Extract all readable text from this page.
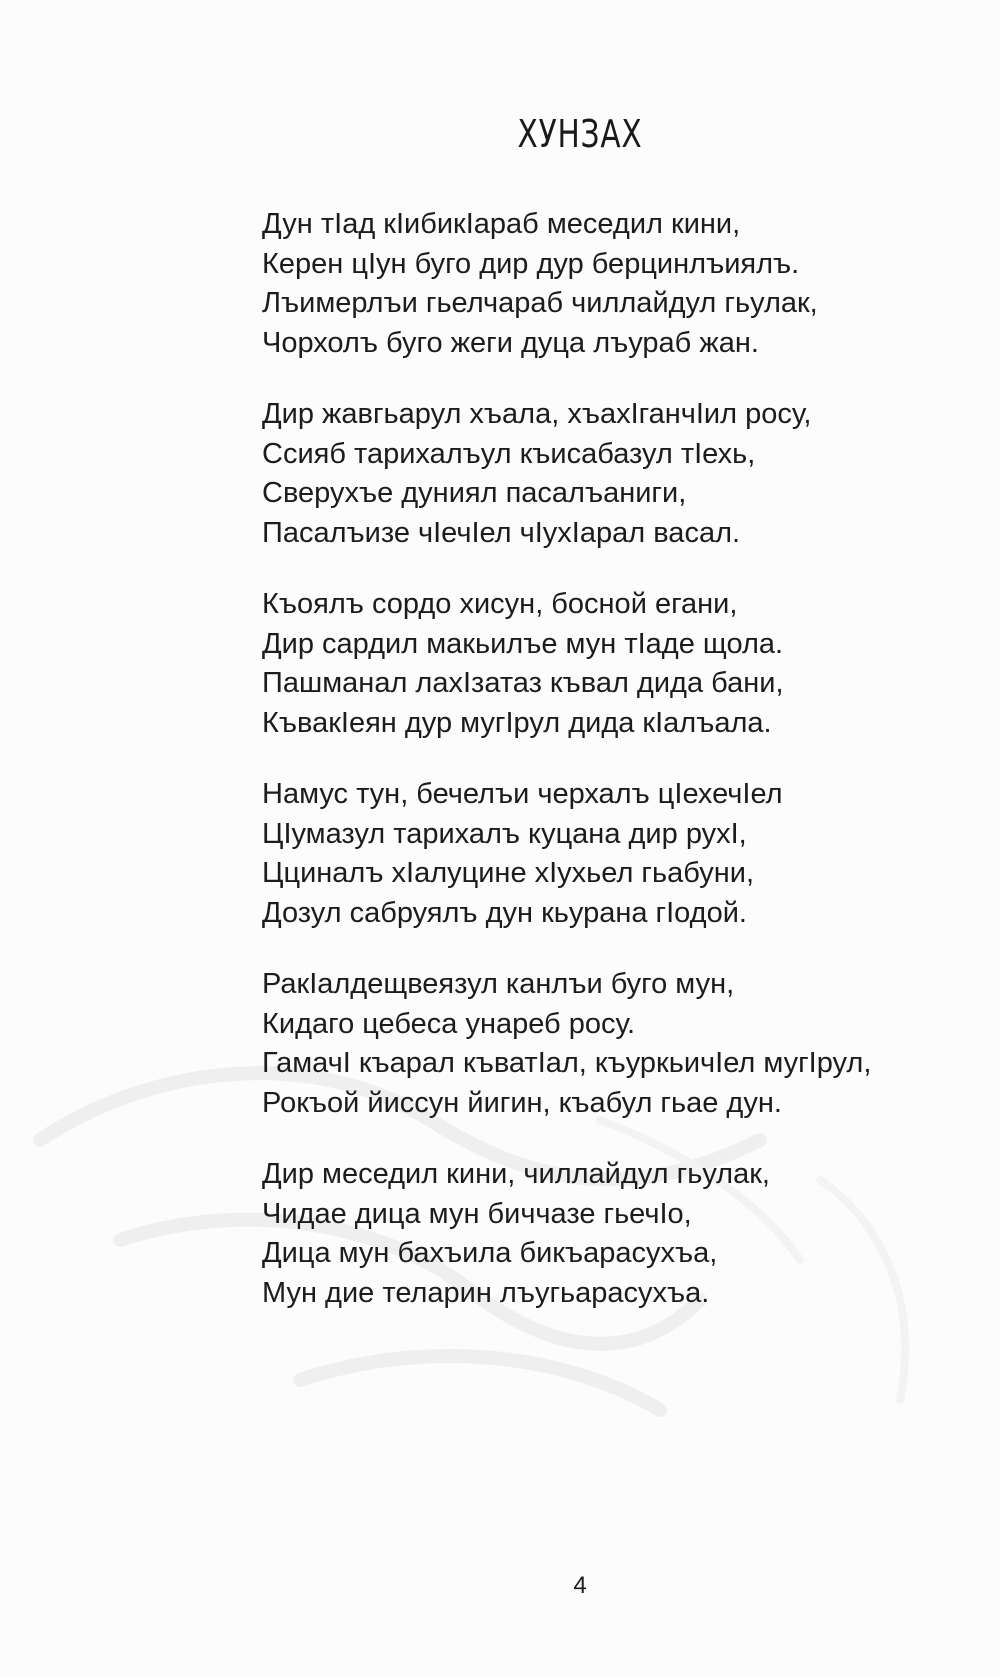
ХУНЗАХ
Дун тӀад кӀибикӀараб меседил кини,
Керен цӀун буго дир дур берцинлъиялъ.
Лъимерлъи гьелчараб чиллайдул гьулак,
Чорхолъ буго жеги дуца лъураб жан.
Дир жавгьарул хъала, хъахӀганчӀил росу,
Ссияб тарихалъул къисабазул тӀехь,
Сверухъе дуниял пасалъаниги,
Пасалъизе чӀечӀел чӀухӀарал васал.
Къоялъ сордо хисун, босной егани,
Дир сардил макьилъе мун тӀаде щола.
Пашманал лахӀзатаз къвал дида бани,
КъвакӀеян дур мугӀрул дида кӀалъала.
Намус тун, бечелъи черхалъ цӀехечӀел
ЦӀумазул тарихалъ куцана дир рухӀ,
Цциналъ хӀалуцине хӀухьел гьабуни,
Дозул сабруялъ дун кьурана гӀодой.
РакӀалдещвеязул канлъи буго мун,
Кидаго цебеса унареб росу.
ГамачӀ къарал къватӀал, къуркьичӀел мугӀрул,
Рокъой йиссун йигин, къабул гьае дун.
Дир меседил кини, чиллайдул гьулак,
Чидае дица мун биччазе гьечӀо,
Дица мун бахъила бикъарасухъа,
Мун дие теларин лъугьарасухъа.
4
